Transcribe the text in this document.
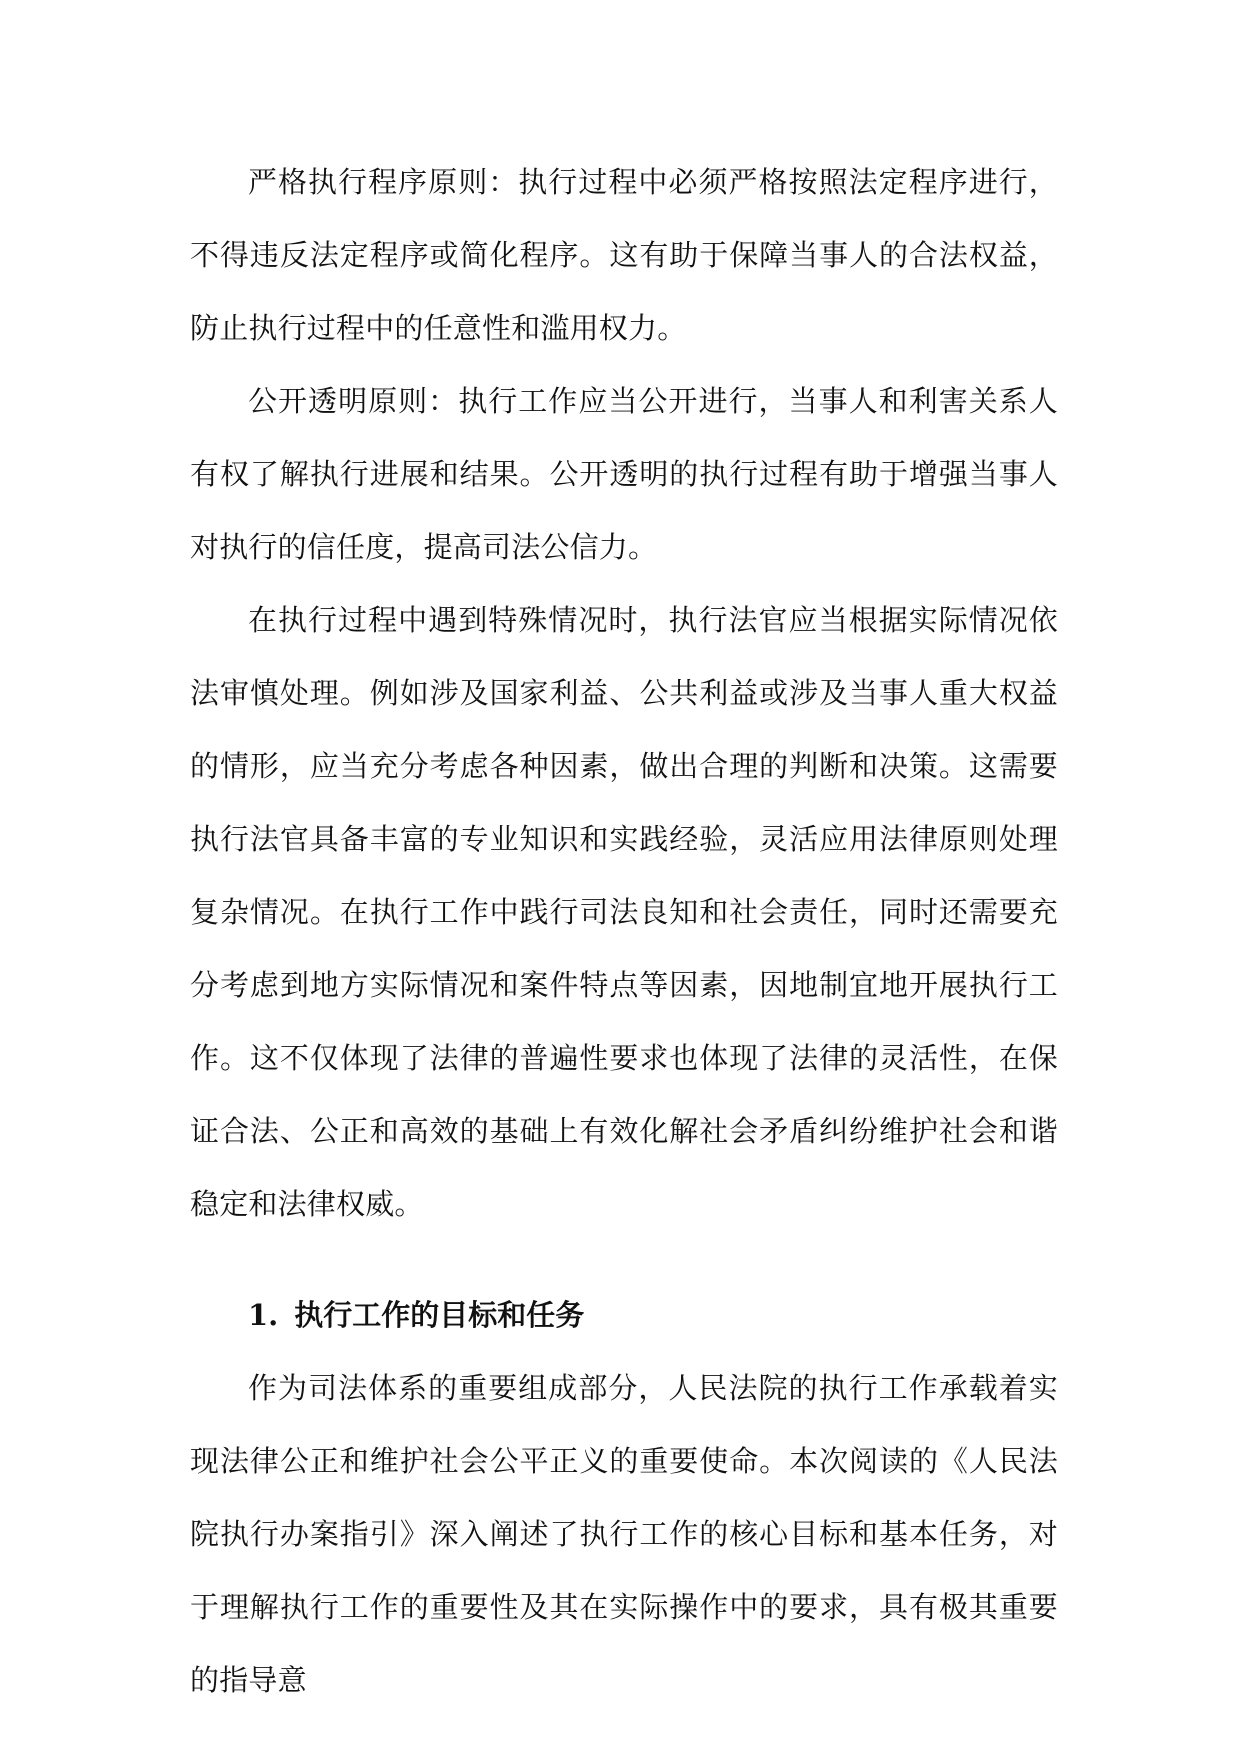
严格执行程序原则：执行过程中必须严格按照法定程序进行，不得违反法定程序或简化程序。这有助于保障当事人的合法权益，防止执行过程中的任意性和滥用权力。

公开透明原则：执行工作应当公开进行，当事人和利害关系人有权了解执行进展和结果。公开透明的执行过程有助于增强当事人对执行的信任度，提高司法公信力。

在执行过程中遇到特殊情况时，执行法官应当根据实际情况依法审慎处理。例如涉及国家利益、公共利益或涉及当事人重大权益的情形，应当充分考虑各种因素，做出合理的判断和决策。这需要执行法官具备丰富的专业知识和实践经验，灵活应用法律原则处理复杂情况。在执行工作中践行司法良知和社会责任，同时还需要充分考虑到地方实际情况和案件特点等因素，因地制宜地开展执行工作。这不仅体现了法律的普遍性要求也体现了法律的灵活性，在保证合法、公正和高效的基础上有效化解社会矛盾纠纷维护社会和谐稳定和法律权威。

1. 执行工作的目标和任务

作为司法体系的重要组成部分，人民法院的执行工作承载着实现法律公正和维护社会公平正义的重要使命。本次阅读的《人民法院执行办案指引》深入阐述了执行工作的核心目标和基本任务，对于理解执行工作的重要性及其在实际操作中的要求，具有极其重要的指导意
